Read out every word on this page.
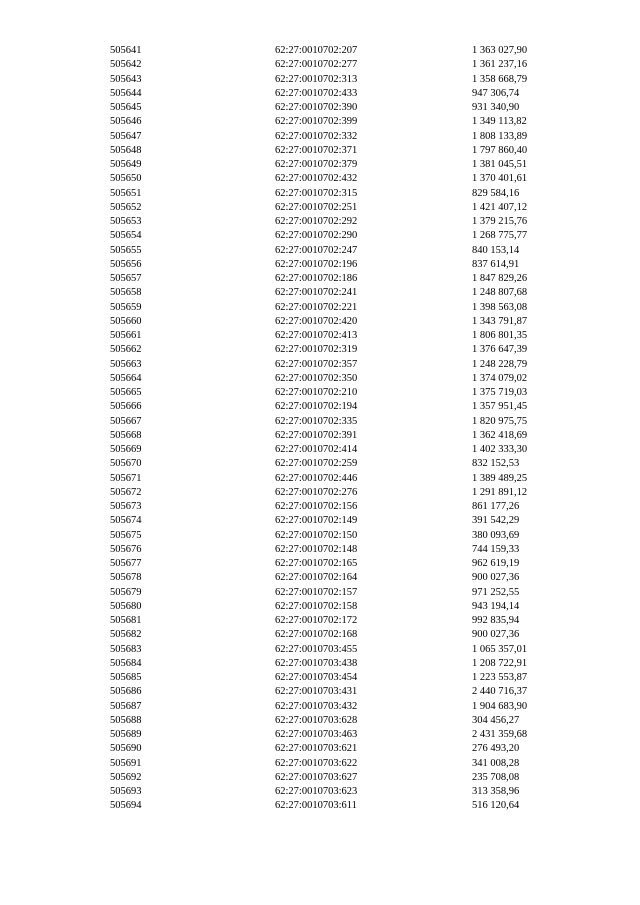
505641	62:27:0010702:207	1 363 027,90
505642	62:27:0010702:277	1 361 237,16
505643	62:27:0010702:313	1 358 668,79
505644	62:27:0010702:433	947 306,74
505645	62:27:0010702:390	931 340,90
505646	62:27:0010702:399	1 349 113,82
505647	62:27:0010702:332	1 808 133,89
505648	62:27:0010702:371	1 797 860,40
505649	62:27:0010702:379	1 381 045,51
505650	62:27:0010702:432	1 370 401,61
505651	62:27:0010702:315	829 584,16
505652	62:27:0010702:251	1 421 407,12
505653	62:27:0010702:292	1 379 215,76
505654	62:27:0010702:290	1 268 775,77
505655	62:27:0010702:247	840 153,14
505656	62:27:0010702:196	837 614,91
505657	62:27:0010702:186	1 847 829,26
505658	62:27:0010702:241	1 248 807,68
505659	62:27:0010702:221	1 398 563,08
505660	62:27:0010702:420	1 343 791,87
505661	62:27:0010702:413	1 806 801,35
505662	62:27:0010702:319	1 376 647,39
505663	62:27:0010702:357	1 248 228,79
505664	62:27:0010702:350	1 374 079,02
505665	62:27:0010702:210	1 375 719,03
505666	62:27:0010702:194	1 357 951,45
505667	62:27:0010702:335	1 820 975,75
505668	62:27:0010702:391	1 362 418,69
505669	62:27:0010702:414	1 402 333,30
505670	62:27:0010702:259	832 152,53
505671	62:27:0010702:446	1 389 489,25
505672	62:27:0010702:276	1 291 891,12
505673	62:27:0010702:156	861 177,26
505674	62:27:0010702:149	391 542,29
505675	62:27:0010702:150	380 093,69
505676	62:27:0010702:148	744 159,33
505677	62:27:0010702:165	962 619,19
505678	62:27:0010702:164	900 027,36
505679	62:27:0010702:157	971 252,55
505680	62:27:0010702:158	943 194,14
505681	62:27:0010702:172	992 835,94
505682	62:27:0010702:168	900 027,36
505683	62:27:0010703:455	1 065 357,01
505684	62:27:0010703:438	1 208 722,91
505685	62:27:0010703:454	1 223 553,87
505686	62:27:0010703:431	2 440 716,37
505687	62:27:0010703:432	1 904 683,90
505688	62:27:0010703:628	304 456,27
505689	62:27:0010703:463	2 431 359,68
505690	62:27:0010703:621	276 493,20
505691	62:27:0010703:622	341 008,28
505692	62:27:0010703:627	235 708,08
505693	62:27:0010703:623	313 358,96
505694	62:27:0010703:611	516 120,64
